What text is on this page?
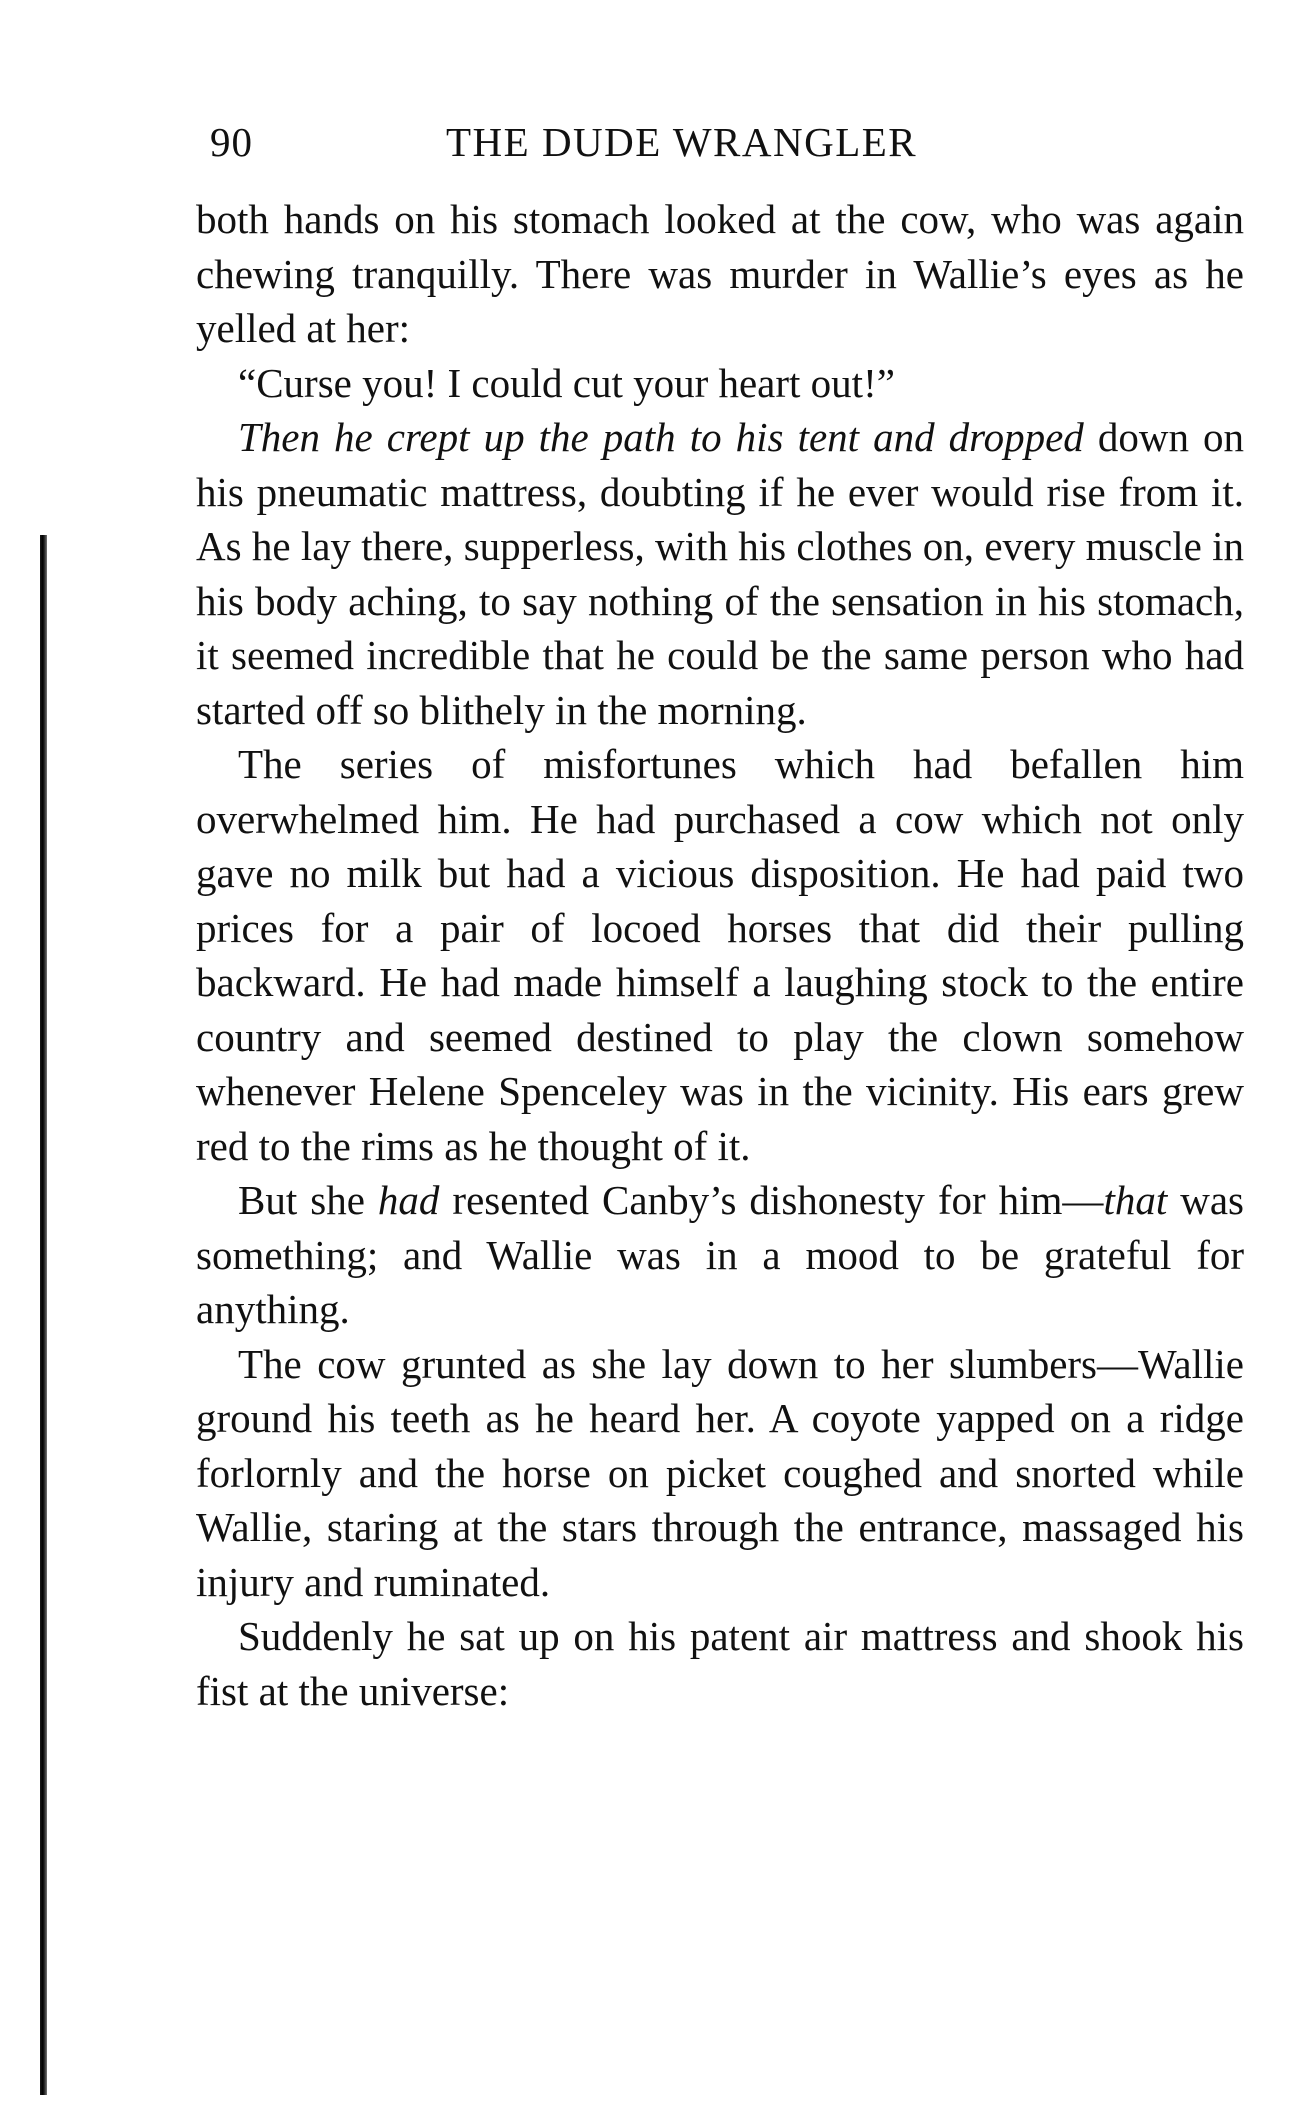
90	THE DUDE WRANGLER

both hands on his stomach looked at the cow, who was again chewing tranquilly. There was murder in Wallie’s eyes as he yelled at her:

“Curse you! I could cut your heart out!”

Then he crept up the path to his tent and dropped down on his pneumatic mattress, doubting if he ever would rise from it. As he lay there, supperless, with his clothes on, every muscle in his body aching, to say nothing of the sensation in his stomach, it seemed incredible that he could be the same person who had started off so blithely in the morning.

The series of misfortunes which had befallen him overwhelmed him. He had purchased a cow which not only gave no milk but had a vicious disposition. He had paid two prices for a pair of locoed horses that did their pulling backward. He had made himself a laughing stock to the entire country and seemed destined to play the clown somehow whenever Helene Spenceley was in the vicinity. His ears grew red to the rims as he thought of it.

But she had resented Canby’s dishonesty for him—that was something; and Wallie was in a mood to be grateful for anything.

The cow grunted as she lay down to her slumbers—Wallie ground his teeth as he heard her. A coyote yapped on a ridge forlornly and the horse on picket coughed and snorted while Wallie, staring at the stars through the entrance, massaged his injury and ruminated.

Suddenly he sat up on his patent air mattress and shook his fist at the universe:
